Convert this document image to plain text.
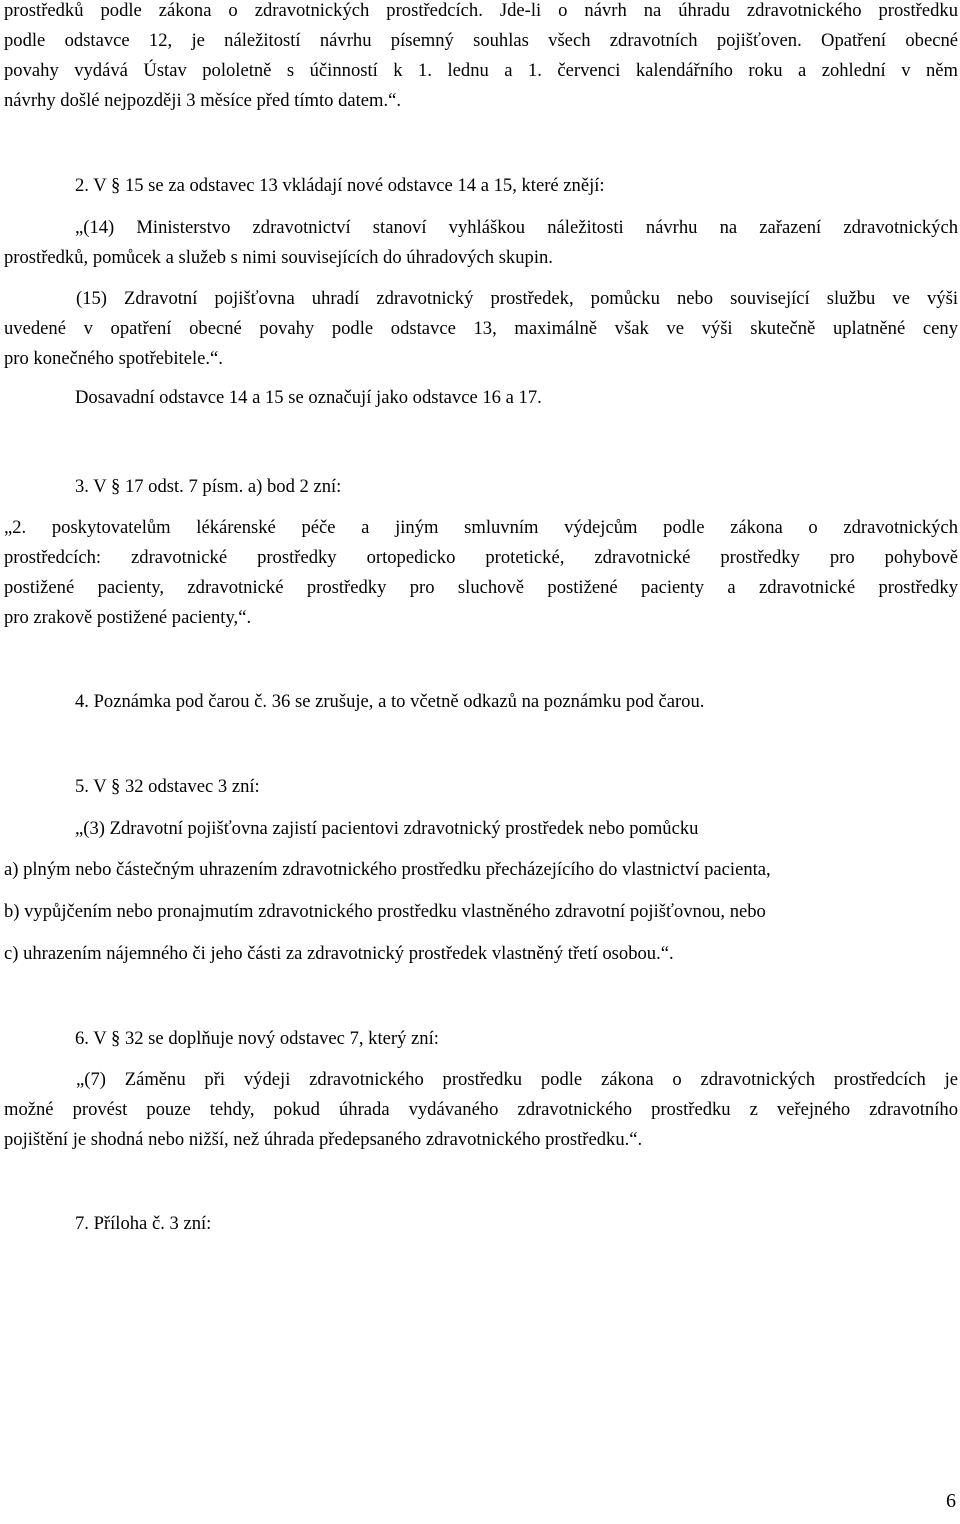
prostředků podle zákona o zdravotnických prostředcích. Jde-li o návrh na úhradu zdravotnického prostředku
podle odstavce 12, je náležitostí návrhu písemný souhlas všech zdravotních pojišťoven. Opatření obecné
povahy vydává Ústav pololetně s účinností k 1. lednu a 1. červenci kalendářního roku a zohlední v něm
návrhy došlé nejpozději 3 měsíce před tímto datem.“.
2. V § 15 se za odstavec 13 vkládají nové odstavce 14 a 15, které znějí:
„(14) Ministerstvo zdravotnictví stanoví vyhláškou náležitosti návrhu na zařazení zdravotnických
prostředků, pomůcek a služeb s nimi souvisejících do úhradových skupin.
(15) Zdravotní pojišťovna uhradí zdravotnický prostředek, pomůcku nebo související službu ve výši
uvedené v opatření obecné povahy podle odstavce 13, maximálně však ve výši skutečně uplatněné ceny
pro konečného spotřebitele.“.
Dosavadní odstavce 14 a 15 se označují jako odstavce 16 a 17.
3. V § 17 odst. 7 písm. a) bod 2 zní:
„2. poskytovatelům lékárenské péče a jiným smluvním výdejcům podle zákona o zdravotnických
prostředcích: zdravotnické prostředky ortopedicko protetické, zdravotnické prostředky pro pohybově
postižené pacienty, zdravotnické prostředky pro sluchově postižené pacienty a zdravotnické prostředky
pro zrakově postižené pacienty,“.
4. Poznámka pod čarou č. 36 se zrušuje, a to včetně odkazů na poznámku pod čarou.
5. V § 32 odstavec 3 zní:
„(3) Zdravotní pojišťovna zajistí pacientovi zdravotnický prostředek nebo pomůcku
a) plným nebo částečným uhrazením zdravotnického prostředku přecházejícího do vlastnictví pacienta,
b) vypůjčením nebo pronajmutím zdravotnického prostředku vlastněného zdravotní pojišťovnou, nebo
c) uhrazením nájemného či jeho části za zdravotnický prostředek vlastněný třetí osobou.“.
6. V § 32 se doplňuje nový odstavec 7, který zní:
„(7) Záměnu při výdeji zdravotnického prostředku podle zákona o zdravotnických prostředcích je
možné provést pouze tehdy, pokud úhrada vydávaného zdravotnického prostředku z veřejného zdravotního
pojištění je shodná nebo nižší, než úhrada předepsaného zdravotnického prostředku.“.
7. Příloha č. 3 zní:
6
